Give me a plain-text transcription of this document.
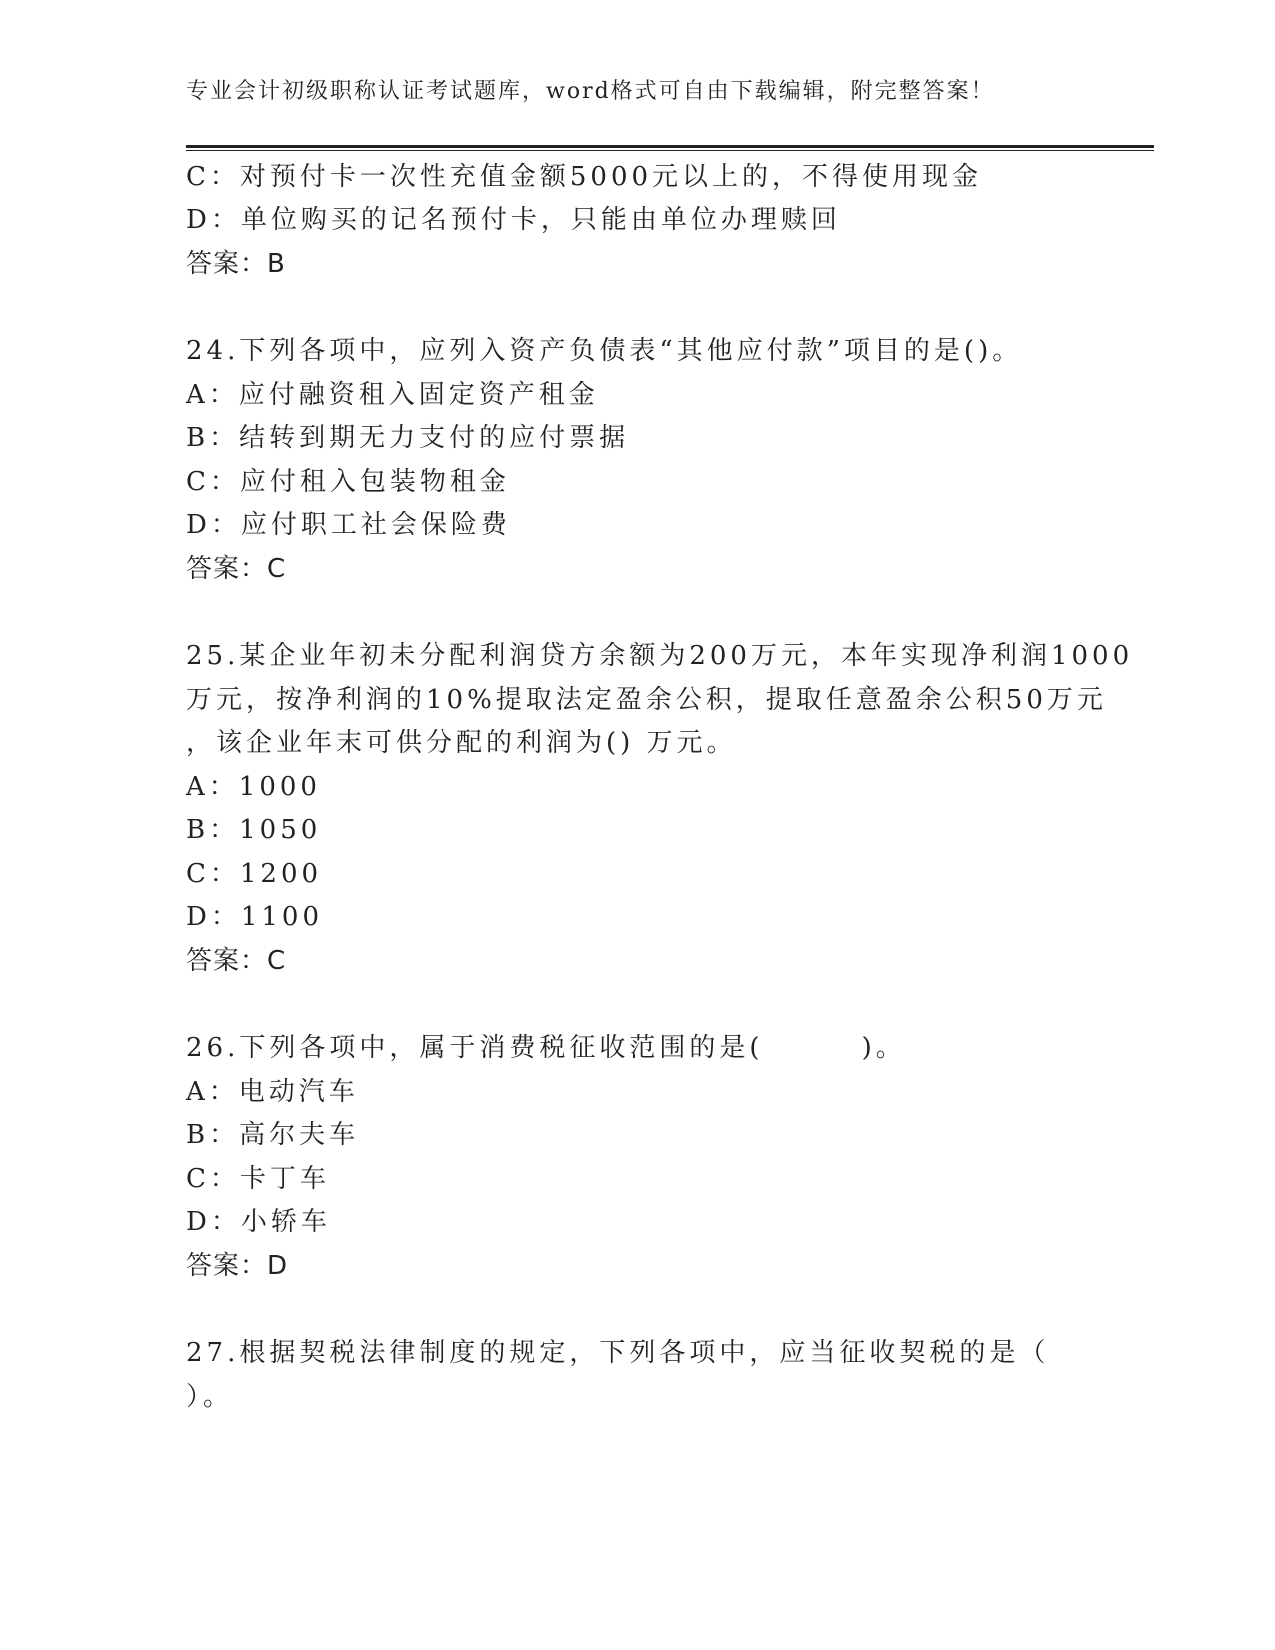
专业会计初级职称认证考试题库，word格式可自由下载编辑，附完整答案！
C：对预付卡一次性充值金额5000元以上的，不得使用现金
D：单位购买的记名预付卡，只能由单位办理赎回
答案：B
24.下列各项中，应列入资产负债表“其他应付款”项目的是()。
A：应付融资租入固定资产租金
B：结转到期无力支付的应付票据
C：应付租入包装物租金
D：应付职工社会保险费
答案：C
25.某企业年初未分配利润贷方余额为200万元，本年实现净利润1000
万元，按净利润的10%提取法定盈余公积，提取任意盈余公积50万元
，该企业年末可供分配的利润为() 万元。
A：1000
B：1050
C：1200
D：1100
答案：C
26.下列各项中，属于消费税征收范围的是(        )。
A：电动汽车
B：高尔夫车
C：卡丁车
D：小轿车
答案：D
27.根据契税法律制度的规定，下列各项中，应当征收契税的是（
）。
